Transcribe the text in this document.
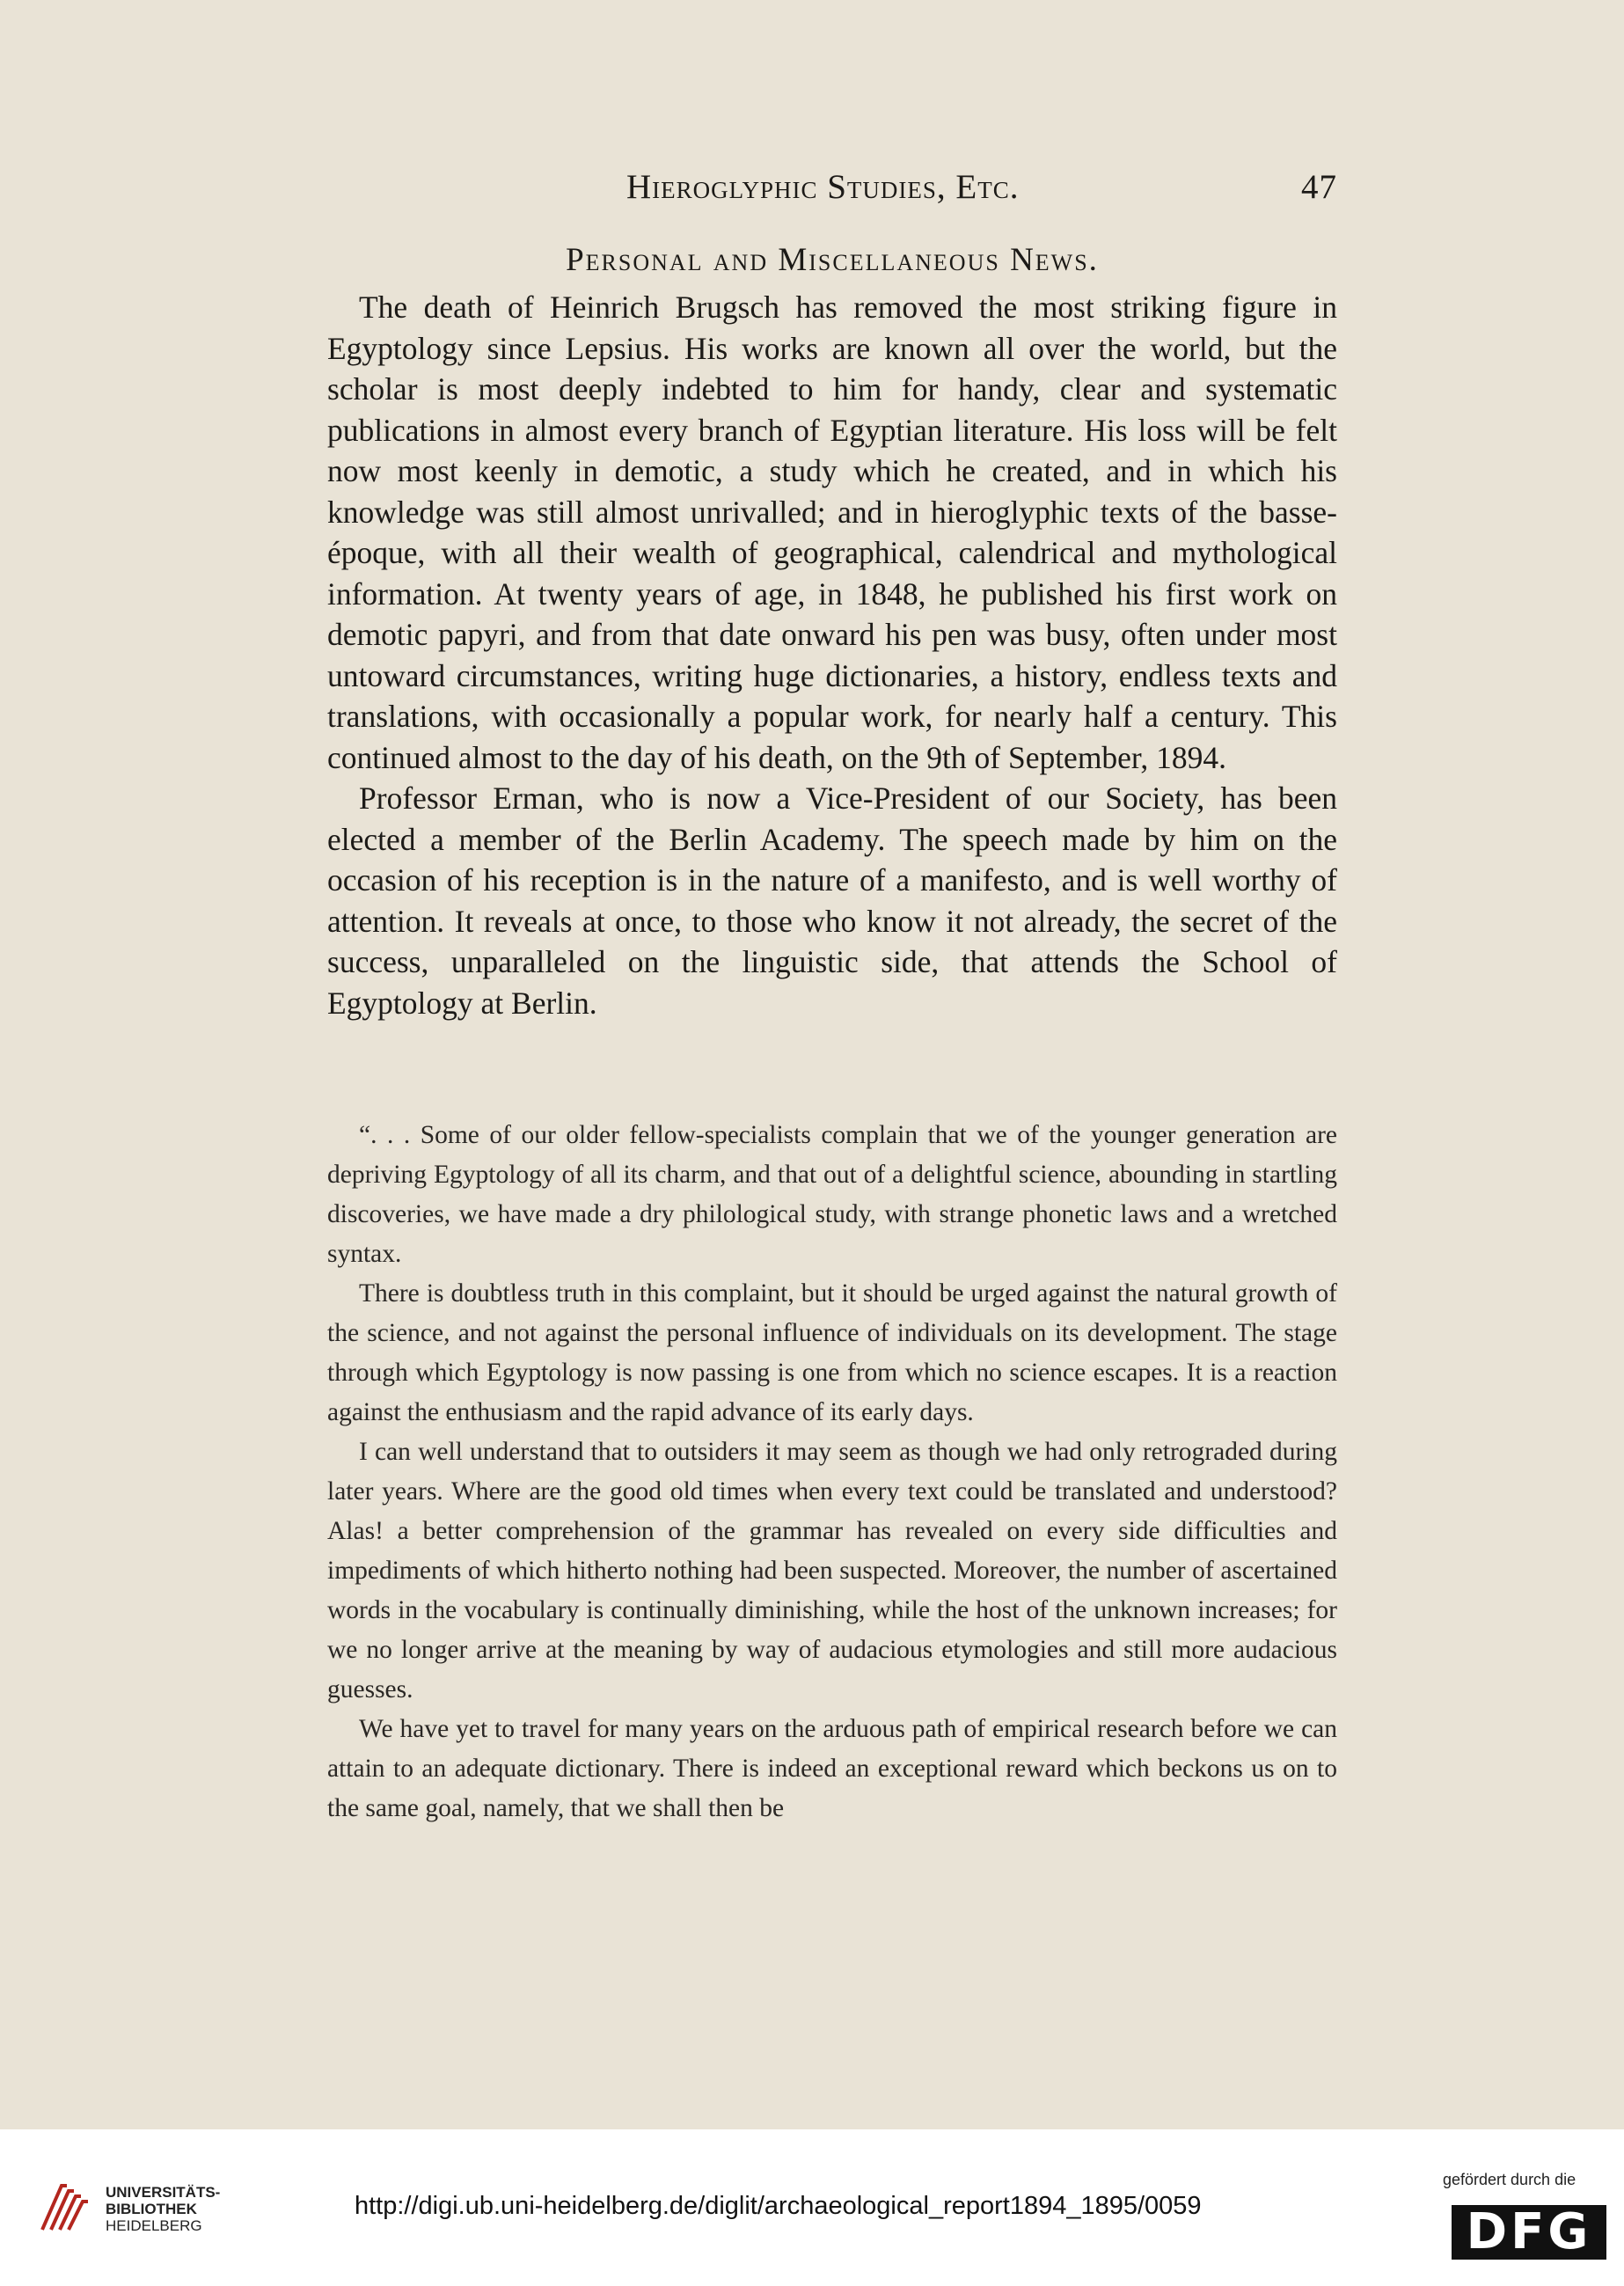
Hieroglyphic Studies, Etc.	47
Personal and Miscellaneous News.

The death of Heinrich Brugsch has removed the most striking figure in Egyptology since Lepsius. His works are known all over the world, but the scholar is most deeply indebted to him for handy, clear and systematic publications in almost every branch of Egyptian literature. His loss will be felt now most keenly in demotic, a study which he created, and in which his knowledge was still almost unrivalled; and in hieroglyphic texts of the basse-époque, with all their wealth of geographical, calendrical and mythological information. At twenty years of age, in 1848, he published his first work on demotic papyri, and from that date onward his pen was busy, often under most untoward circumstances, writing huge dictionaries, a history, endless texts and translations, with occasionally a popular work, for nearly half a century. This continued almost to the day of his death, on the 9th of September, 1894.

Professor Erman, who is now a Vice-President of our Society, has been elected a member of the Berlin Academy. The speech made by him on the occasion of his reception is in the nature of a manifesto, and is well worthy of attention. It reveals at once, to those who know it not already, the secret of the success, unparalleled on the linguistic side, that attends the School of Egyptology at Berlin.

“. . . Some of our older fellow-specialists complain that we of the younger generation are depriving Egyptology of all its charm, and that out of a delightful science, abounding in startling discoveries, we have made a dry philological study, with strange phonetic laws and a wretched syntax.

There is doubtless truth in this complaint, but it should be urged against the natural growth of the science, and not against the personal influence of individuals on its development. The stage through which Egyptology is now passing is one from which no science escapes. It is a reaction against the enthusiasm and the rapid advance of its early days.

I can well understand that to outsiders it may seem as though we had only retrograded during later years. Where are the good old times when every text could be translated and understood? Alas! a better comprehension of the grammar has revealed on every side difficulties and impediments of which hitherto nothing had been suspected. Moreover, the number of ascertained words in the vocabulary is continually diminishing, while the host of the unknown increases; for we no longer arrive at the meaning by way of audacious etymologies and still more audacious guesses.

We have yet to travel for many years on the arduous path of empirical research before we can attain to an adequate dictionary. There is indeed an exceptional reward which beckons us on to the same goal, namely, that we shall then be

UNIVERSITÄTS-
BIBLIOTHEK
HEIDELBERG
http://digi.ub.uni-heidelberg.de/diglit/archaeological_report1894_1895/0059
gefördert durch die
DFG
